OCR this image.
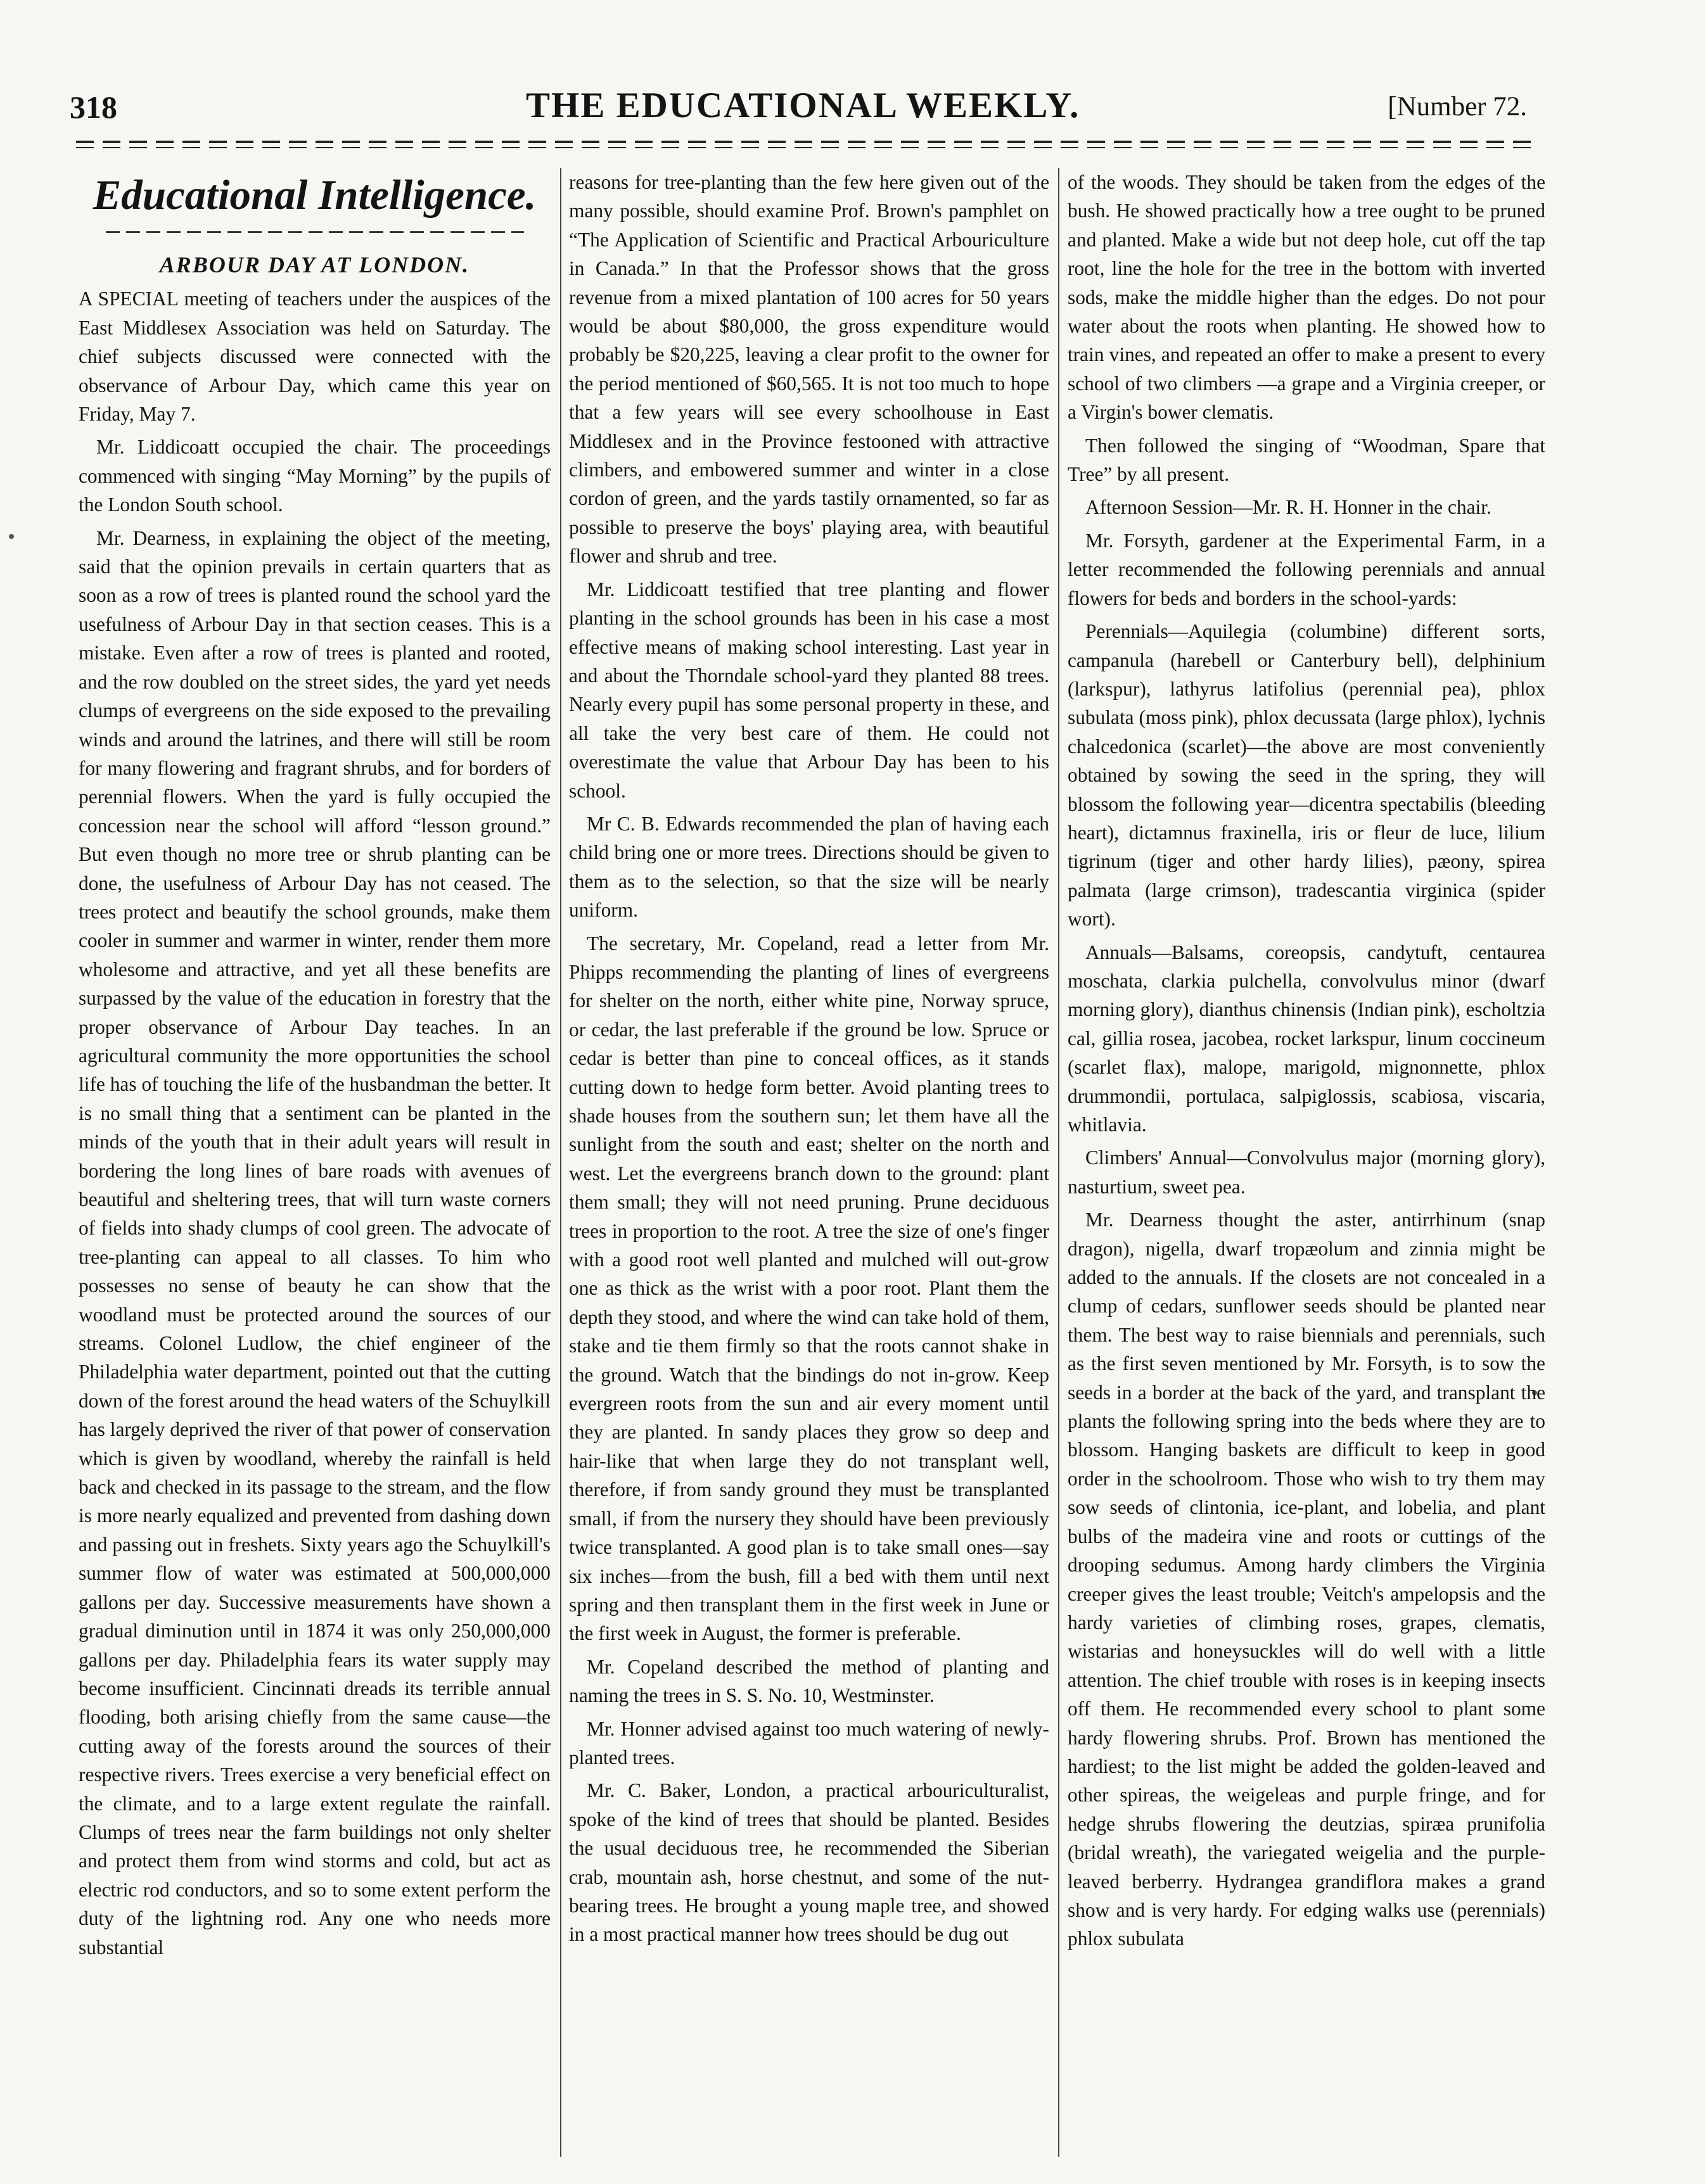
318	THE EDUCATIONAL WEEKLY.	[Number 72.
Educational Intelligence.
ARBOUR DAY AT LONDON.

A SPECIAL meeting of teachers under the auspices of the East Middlesex Association was held on Saturday. The chief subjects discussed were connected with the observance of Arbour Day, which came this year on Friday, May 7.

Mr. Liddicoatt occupied the chair. The proceedings commenced with singing “May Morning” by the pupils of the London South school.

Mr. Dearness, in explaining the object of the meeting, said that the opinion prevails in certain quarters that as soon as a row of trees is planted round the school yard the usefulness of Arbour Day in that section ceases. This is a mistake. Even after a row of trees is planted and rooted, and the row doubled on the street sides, the yard yet needs clumps of evergreens on the side exposed to the prevailing winds and around the latrines, and there will still be room for many flowering and fragrant shrubs, and for borders of perennial flowers. When the yard is fully occupied the concession near the school will afford “lesson ground.” But even though no more tree or shrub planting can be done, the usefulness of Arbour Day has not ceased. The trees protect and beautify the school grounds, make them cooler in summer and warmer in winter, render them more wholesome and attractive, and yet all these benefits are surpassed by the value of the education in forestry that the proper observance of Arbour Day teaches. In an agricultural community the more opportunities the school life has of touching the life of the husbandman the better. It is no small thing that a sentiment can be planted in the minds of the youth that in their adult years will result in bordering the long lines of bare roads with avenues of beautiful and sheltering trees, that will turn waste corners of fields into shady clumps of cool green. The advocate of tree-planting can appeal to all classes. To him who possesses no sense of beauty he can show that the woodland must be protected around the sources of our streams. Colonel Ludlow, the chief engineer of the Philadelphia water department, pointed out that the cutting down of the forest around the head waters of the Schuylkill has largely deprived the river of that power of conservation which is given by woodland, whereby the rainfall is held back and checked in its passage to the stream, and the flow is more nearly equalized and prevented from dashing down and passing out in freshets. Sixty years ago the Schuylkill's summer flow of water was estimated at 500,000,000 gallons per day. Successive measurements have shown a gradual diminution until in 1874 it was only 250,000,000 gallons per day. Philadelphia fears its water supply may become insufficient. Cincinnati dreads its terrible annual flooding, both arising chiefly from the same cause—the cutting away of the forests around the sources of their respective rivers. Trees exercise a very beneficial effect on the climate, and to a large extent regulate the rainfall. Clumps of trees near the farm buildings not only shelter and protect them from wind storms and cold, but act as electric rod conductors, and so to some extent perform the duty of the lightning rod. Any one who needs more substantial

reasons for tree-planting than the few here given out of the many possible, should examine Prof. Brown's pamphlet on “The Application of Scientific and Practical Arbouriculture in Canada.” In that the Professor shows that the gross revenue from a mixed plantation of 100 acres for 50 years would be about $80,000, the gross expenditure would probably be $20,225, leaving a clear profit to the owner for the period mentioned of $60,565. It is not too much to hope that a few years will see every schoolhouse in East Middlesex and in the Province festooned with attractive climbers, and embowered summer and winter in a close cordon of green, and the yards tastily ornamented, so far as possible to preserve the boys' playing area, with beautiful flower and shrub and tree.

Mr. Liddicoatt testified that tree planting and flower planting in the school grounds has been in his case a most effective means of making school interesting. Last year in and about the Thorndale school-yard they planted 88 trees. Nearly every pupil has some personal property in these, and all take the very best care of them. He could not overestimate the value that Arbour Day has been to his school.

Mr C. B. Edwards recommended the plan of having each child bring one or more trees. Directions should be given to them as to the selection, so that the size will be nearly uniform.

The secretary, Mr. Copeland, read a letter from Mr. Phipps recommending the planting of lines of evergreens for shelter on the north, either white pine, Norway spruce, or cedar, the last preferable if the ground be low. Spruce or cedar is better than pine to conceal offices, as it stands cutting down to hedge form better. Avoid planting trees to shade houses from the southern sun; let them have all the sunlight from the south and east; shelter on the north and west. Let the evergreens branch down to the ground: plant them small; they will not need pruning. Prune deciduous trees in proportion to the root. A tree the size of one's finger with a good root well planted and mulched will out-grow one as thick as the wrist with a poor root. Plant them the depth they stood, and where the wind can take hold of them, stake and tie them firmly so that the roots cannot shake in the ground. Watch that the bindings do not in-grow. Keep evergreen roots from the sun and air every moment until they are planted. In sandy places they grow so deep and hair-like that when large they do not transplant well, therefore, if from sandy ground they must be transplanted small, if from the nursery they should have been previously twice transplanted. A good plan is to take small ones—say six inches—from the bush, fill a bed with them until next spring and then transplant them in the first week in June or the first week in August, the former is preferable.

Mr. Copeland described the method of planting and naming the trees in S. S. No. 10, Westminster.

Mr. Honner advised against too much watering of newly-planted trees.

Mr. C. Baker, London, a practical arbouriculturalist, spoke of the kind of trees that should be planted. Besides the usual deciduous tree, he recommended the Siberian crab, mountain ash, horse chestnut, and some of the nut-bearing trees. He brought a young maple tree, and showed in a most practical manner how trees should be dug out

of the woods. They should be taken from the edges of the bush. He showed practically how a tree ought to be pruned and planted. Make a wide but not deep hole, cut off the tap root, line the hole for the tree in the bottom with inverted sods, make the middle higher than the edges. Do not pour water about the roots when planting. He showed how to train vines, and repeated an offer to make a present to every school of two climbers —a grape and a Virginia creeper, or a Virgin's bower clematis.

Then followed the singing of “Woodman, Spare that Tree” by all present.

Afternoon Session—Mr. R. H. Honner in the chair.

Mr. Forsyth, gardener at the Experimental Farm, in a letter recommended the following perennials and annual flowers for beds and borders in the school-yards:

Perennials—Aquilegia (columbine) different sorts, campanula (harebell or Canterbury bell), delphinium (larkspur), lathyrus latifolius (perennial pea), phlox subulata (moss pink), phlox decussata (large phlox), lychnis chalcedonica (scarlet)—the above are most conveniently obtained by sowing the seed in the spring, they will blossom the following year—dicentra spectabilis (bleeding heart), dictamnus fraxinella, iris or fleur de luce, lilium tigrinum (tiger and other hardy lilies), pæony, spirea palmata (large crimson), tradescantia virginica (spider wort).

Annuals—Balsams, coreopsis, candytuft, centaurea moschata, clarkia pulchella, convolvulus minor (dwarf morning glory), dianthus chinensis (Indian pink), escholtzia cal, gillia rosea, jacobea, rocket larkspur, linum coccineum (scarlet flax), malope, marigold, mignonnette, phlox drummondii, portulaca, salpiglossis, scabiosa, viscaria, whitlavia.

Climbers' Annual—Convolvulus major (morning glory), nasturtium, sweet pea.

Mr. Dearness thought the aster, antirrhinum (snap dragon), nigella, dwarf tropæolum and zinnia might be added to the annuals. If the closets are not concealed in a clump of cedars, sunflower seeds should be planted near them. The best way to raise biennials and perennials, such as the first seven mentioned by Mr. Forsyth, is to sow the seeds in a border at the back of the yard, and transplant the plants the following spring into the beds where they are to blossom. Hanging baskets are difficult to keep in good order in the schoolroom. Those who wish to try them may sow seeds of clintonia, ice-plant, and lobelia, and plant bulbs of the madeira vine and roots or cuttings of the drooping sedumus. Among hardy climbers the Virginia creeper gives the least trouble; Veitch's ampelopsis and the hardy varieties of climbing roses, grapes, clematis, wistarias and honeysuckles will do well with a little attention. The chief trouble with roses is in keeping insects off them. He recommended every school to plant some hardy flowering shrubs. Prof. Brown has mentioned the hardiest; to the list might be added the golden-leaved and other spireas, the weigeleas and purple fringe, and for hedge shrubs flowering the deutzias, spiræa prunifolia (bridal wreath), the variegated weigelia and the purple-leaved berberry. Hydrangea grandiflora makes a grand show and is very hardy. For edging walks use (perennials) phlox subulata
